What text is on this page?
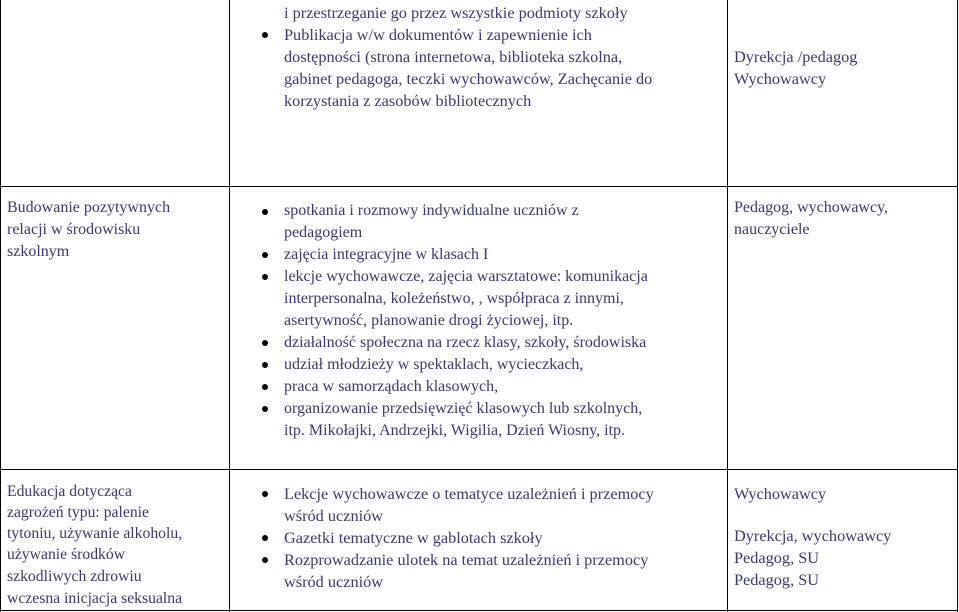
i przestrzeganie go przez wszystkie podmioty szkoły
Publikacja w/w dokumentów i zapewnienie ich
dostępności (strona internetowa, biblioteka szkolna,
gabinet pedagoga, teczki wychowawców, Zachęcanie do
korzystania z zasobów bibliotecznych
Dyrekcja /pedagog
Wychowawcy
Budowanie pozytywnych
relacji w środowisku
szkolnym
spotkania i rozmowy indywidualne uczniów z
pedagogiem
zajęcia integracyjne w klasach I
lekcje wychowawcze, zajęcia warsztatowe: komunikacja
interpersonalna, koleżeństwo, , współpraca z innymi,
asertywność, planowanie drogi życiowej, itp.
działalność społeczna na rzecz klasy, szkoły, środowiska
udział młodzieży w spektaklach, wycieczkach,
praca w samorządach klasowych,
organizowanie przedsięwzięć klasowych lub szkolnych,
itp. Mikołajki, Andrzejki, Wigilia, Dzień Wiosny, itp.
Pedagog, wychowawcy,
nauczyciele
Edukacja dotycząca
zagrożeń typu: palenie
tytoniu, używanie alkoholu,
używanie środków
szkodliwych zdrowiu
wczesna inicjacja seksualna
Lekcje wychowawcze o tematyce uzależnień i przemocy
wśród uczniów
Gazetki tematyczne w gablotach szkoły
Rozprowadzanie ulotek na temat uzależnień i przemocy
wśród uczniów
Wychowawcy
Dyrekcja, wychowawcy
Pedagog, SU
Pedagog, SU
